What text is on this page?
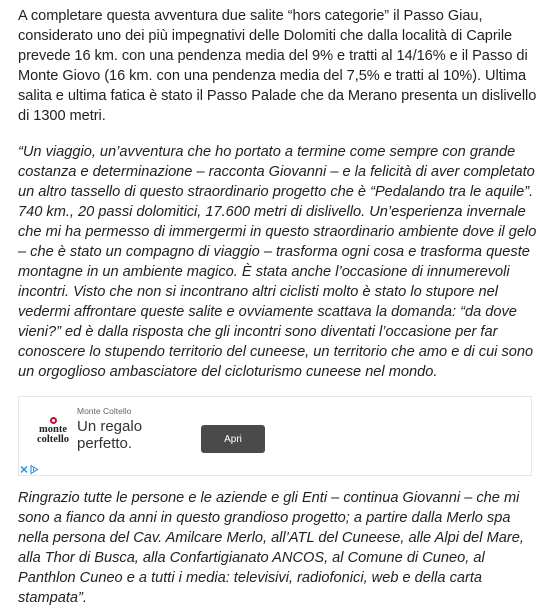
A completare questa avventura due salite “hors categorie” il Passo Giau, considerato uno dei più impegnativi delle Dolomiti che dalla località di Caprile prevede 16 km. con una pendenza media del 9% e tratti al 14/16% e il Passo di Monte Giovo (16 km. con una pendenza media del 7,5% e tratti al 10%). Ultima salita e ultima fatica è stato il Passo Palade che da Merano presenta un dislivello di 1300 metri.

“Un viaggio, un’avventura che ho portato a termine come sempre con grande costanza e determinazione – racconta Giovanni – e la felicità di aver completato un altro tassello di questo straordinario progetto che è “Pedalando tra le aquile”. 740 km., 20 passi dolomitici, 17.600 metri di dislivello. Un’esperienza invernale che mi ha permesso di immergermi in questo straordinario ambiente dove il gelo – che è stato un compagno di viaggio – trasforma ogni cosa e trasforma queste montagne in un ambiente magico. È stata anche l’occasione di innumerevoli incontri. Visto che non si incontrano altri ciclisti molto è stato lo stupore nel vedermi affrontare queste salite e ovviamente scattava la domanda: “da dove vieni?” ed è dalla risposta che gli incontri sono diventati l’occasione per far conoscere lo stupendo territorio del cuneese, un territorio che amo e di cui sono un orgoglioso ambasciatore del cicloturismo cuneese nel mondo.

monte
coltello
Monte Coltello
Un regalo perfetto.	Apri

Ringrazio tutte le persone e le aziende e gli Enti – continua Giovanni – che mi sono a fianco da anni in questo grandioso progetto; a partire dalla Merlo spa nella persona del Cav. Amilcare Merlo, all’ATL del Cuneese, alle Alpi del Mare, alla Thor di Busca, alla Confartigianato ANCOS, al Comune di Cuneo, al Panthlon Cuneo e a tutti i media: televisivi, radiofonici, web e della carta stampata”.
